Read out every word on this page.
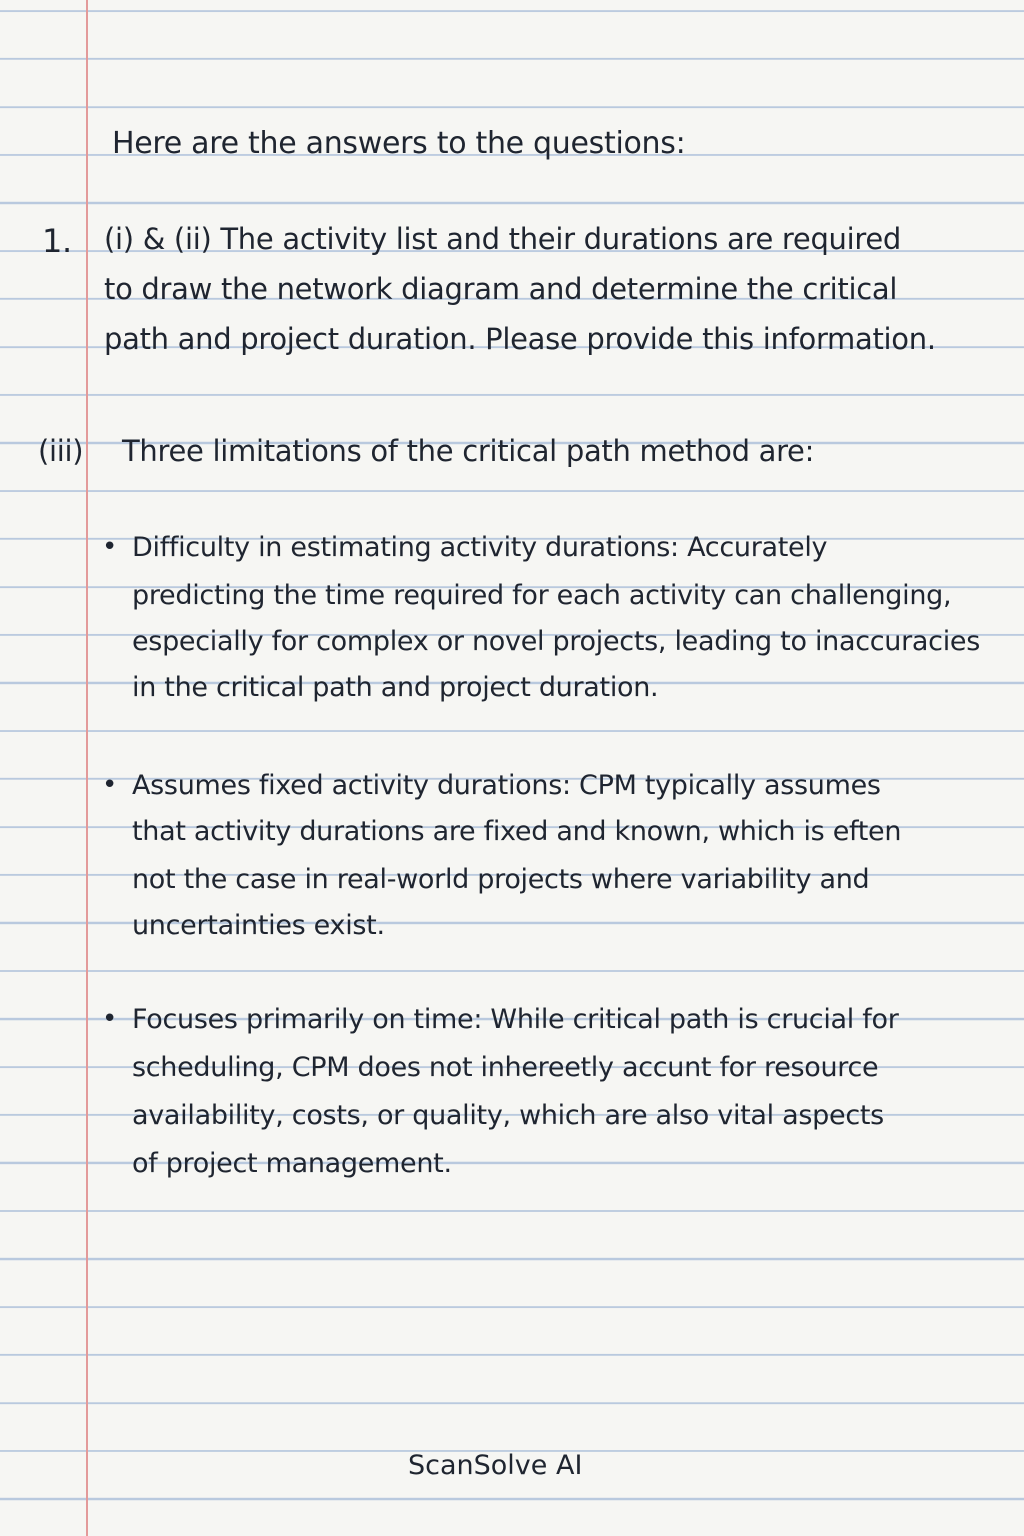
Here are the answers to the questions:
1. (i) & (ii) The activity list and their durations are required
to draw the network diagram and determine the critical
path and project duration. Please provide this information.
(iii) Three limitations of the critical path method are:
• Difficulty in estimating activity durations: Accurately
predicting the time required for each activity can challenging,
especially for complex or novel projects, leading to inaccuracies
in the critical path and project duration.
• Assumes fixed activity durations: CPM typically assumes
that activity durations are fixed and known, which is eften
not the case in real-world projects where variability and
uncertainties exist.
• Focuses primarily on time: While critical path is crucial for
scheduling, CPM does not inhereetly accunt for resource
availability, costs, or quality, which are also vital aspects
of project management.
ScanSolve AI
